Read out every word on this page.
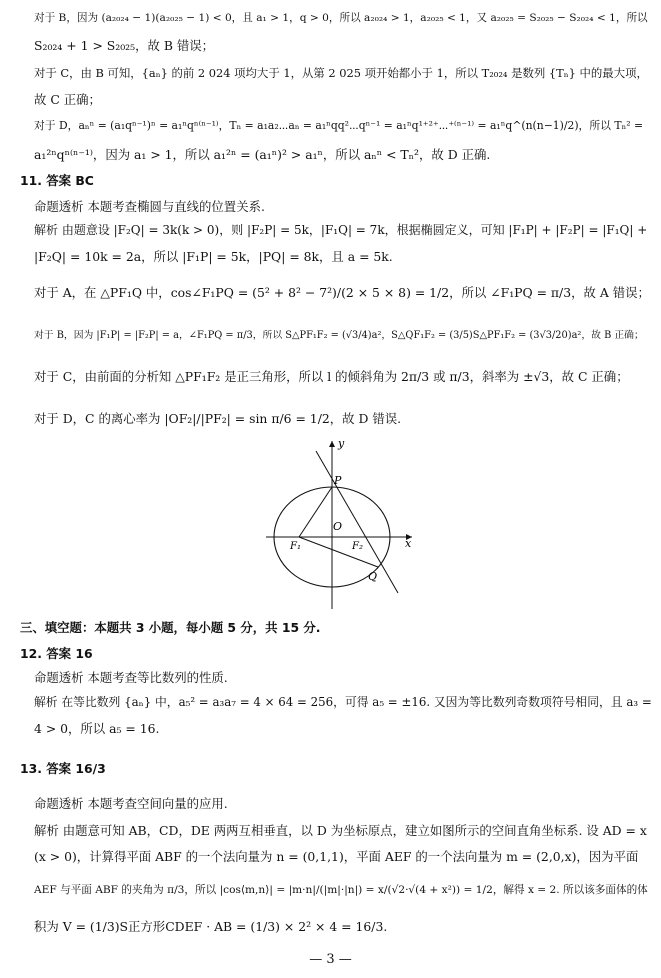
对于 B，因为 (a₂₀₂₄ − 1)(a₂₀₂₅ − 1) < 0，且 a₁ > 1，q > 0，所以 a₂₀₂₄ > 1，a₂₀₂₅ < 1，又 a₂₀₂₅ = S₂₀₂₅ − S₂₀₂₄ < 1，所以
S₂₀₂₄ + 1 > S₂₀₂₅，故 B 错误；
对于 C，由 B 可知，{aₙ} 的前 2 024 项均大于 1，从第 2 025 项开始都小于 1，所以 T₂₀₂₄ 是数列 {Tₙ} 中的最大项，
故 C 正确；
对于 D，aₙⁿ = (a₁qⁿ⁻¹)ⁿ = a₁ⁿqⁿ⁽ⁿ⁻¹⁾，Tₙ = a₁a₂⋯aₙ = a₁ⁿqq²⋯qⁿ⁻¹ = a₁ⁿq¹⁺²⁺⋯⁺⁽ⁿ⁻¹⁾ = a₁ⁿq^(n(n−1)/2)，所以 Tₙ² =
a₁²ⁿqⁿ⁽ⁿ⁻¹⁾，因为 a₁ > 1，所以 a₁²ⁿ = (a₁ⁿ)² > a₁ⁿ，所以 aₙⁿ < Tₙ²，故 D 正确.
11. 答案 BC
命题透析 本题考查椭圆与直线的位置关系.
解析 由题意设 |F₂Q| = 3k(k > 0)，则 |F₂P| = 5k，|F₁Q| = 7k，根据椭圆定义，可知 |F₁P| + |F₂P| = |F₁Q| +
|F₂Q| = 10k = 2a，所以 |F₁P| = 5k，|PQ| = 8k，且 a = 5k.
对于 A，在 △PF₁Q 中，cos∠F₁PQ = (5² + 8² − 7²)/(2 × 5 × 8) = 1/2，所以 ∠F₁PQ = π/3，故 A 错误；
对于 B，因为 |F₁P| = |F₂P| = a，∠F₁PQ = π/3，所以 S△PF₁F₂ = (√3/4)a²，S△QF₁F₂ = (3/5)S△PF₁F₂ = (3√3/20)a²，故 B 正确；
对于 C，由前面的分析知 △PF₁F₂ 是正三角形，所以 l 的倾斜角为 2π/3 或 π/3，斜率为 ±√3，故 C 正确；
对于 D，C 的离心率为 |OF₂|/|PF₂| = sin π/6 = 1/2，故 D 错误.
y
x
P
O
F₁	F₂
Q
三、填空题：本题共 3 小题，每小题 5 分，共 15 分.
12. 答案 16
命题透析 本题考查等比数列的性质.
解析 在等比数列 {aₙ} 中，a₅² = a₃a₇ = 4 × 64 = 256，可得 a₅ = ±16. 又因为等比数列奇数项符号相同，且 a₃ =
4 > 0，所以 a₅ = 16.
13. 答案 16/3
命题透析 本题考查空间向量的应用.
解析 由题意可知 AB，CD，DE 两两互相垂直，以 D 为坐标原点，建立如图所示的空间直角坐标系. 设 AD = x
(x > 0)，计算得平面 ABF 的一个法向量为 n = (0,1,1)，平面 AEF 的一个法向量为 m = (2,0,x)，因为平面
AEF 与平面 ABF 的夹角为 π/3，所以 |cos⟨m,n⟩| = |m·n|/(|m|·|n|) = x/(√2·√(4 + x²)) = 1/2，解得 x = 2. 所以该多面体的体
积为 V = (1/3)S正方形CDEF · AB = (1/3) × 2² × 4 = 16/3.
— 3 —
